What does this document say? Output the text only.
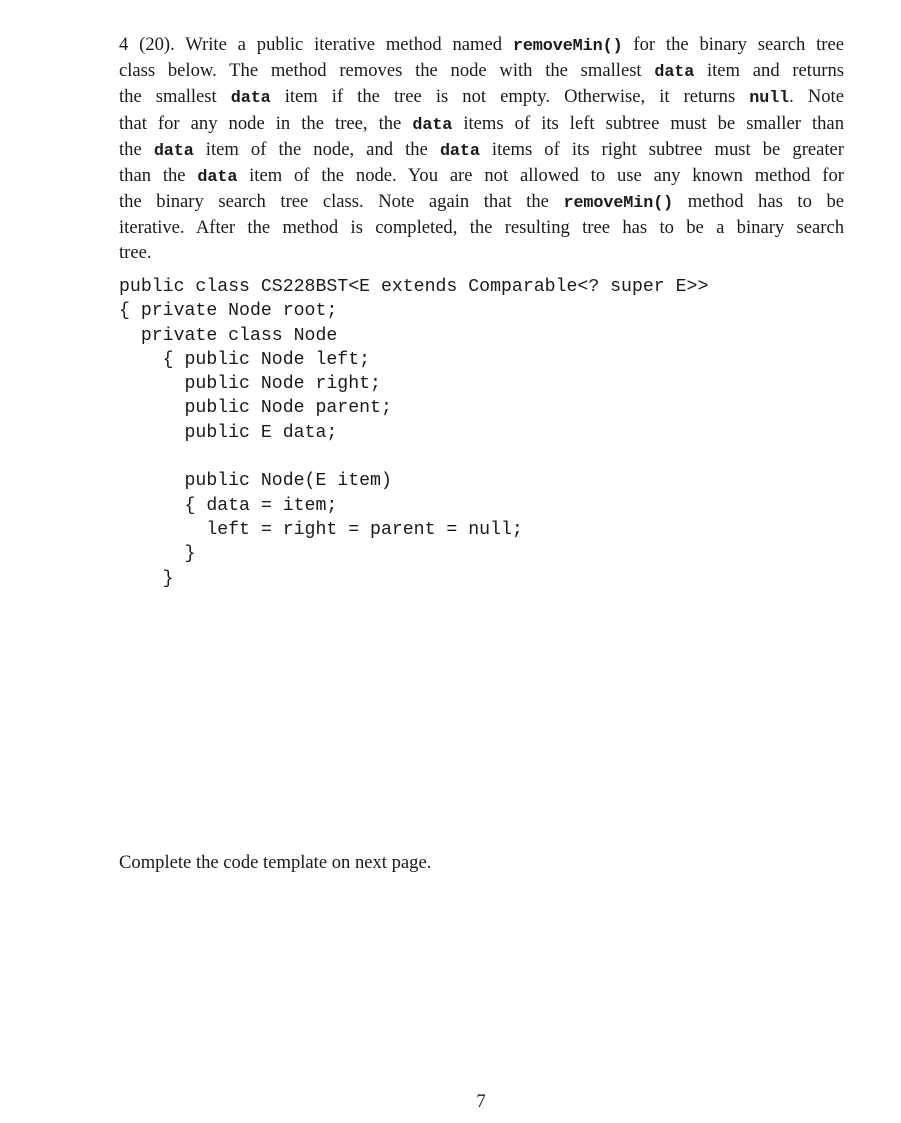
4 (20). Write a public iterative method named removeMin() for the binary search tree
class below. The method removes the node with the smallest data item and returns
the smallest data item if the tree is not empty. Otherwise, it returns null. Note
that for any node in the tree, the data items of its left subtree must be smaller than
the data item of the node, and the data items of its right subtree must be greater
than the data item of the node. You are not allowed to use any known method for
the binary search tree class. Note again that the removeMin() method has to be
iterative. After the method is completed, the resulting tree has to be a binary search
tree.
public class CS228BST<E extends Comparable<? super E>>
{ private Node root;
private class Node
{ public Node left;
public Node right;
public Node parent;
public E data;
public Node(E item)
{ data = item;
left = right = parent = null;
}
}

Complete the code template on next page.

7
